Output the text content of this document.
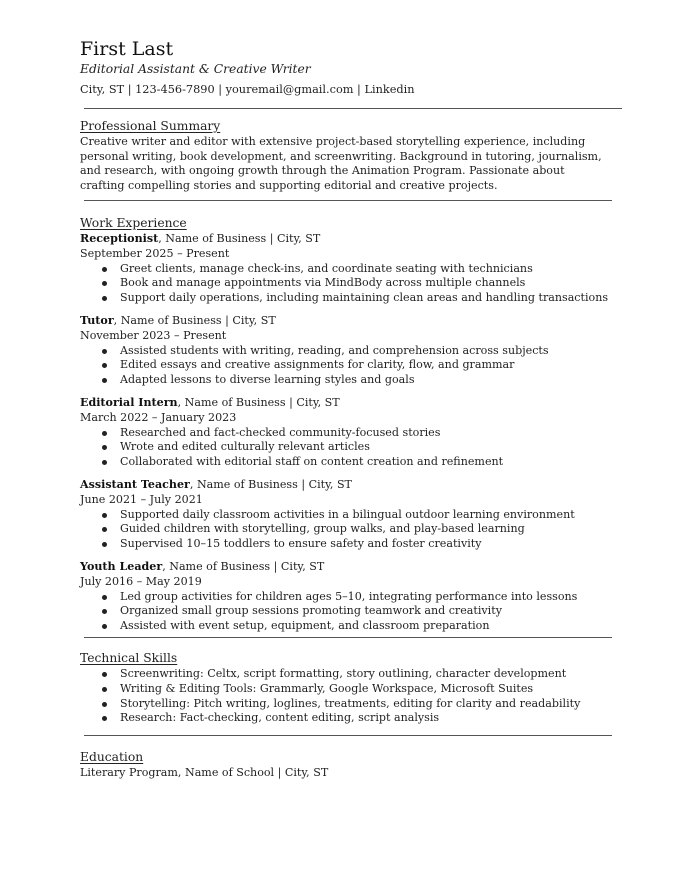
First Last
Editorial Assistant & Creative Writer
City, ST | 123-456-7890 | youremail@gmail.com | Linkedin
Professional Summary
Creative writer and editor with extensive project-based storytelling experience, including personal writing, book development, and screenwriting. Background in tutoring, journalism, and research, with ongoing growth through the Animation Program. Passionate about crafting compelling stories and supporting editorial and creative projects.
Work Experience
Receptionist, Name of Business | City, ST
September 2025 – Present
Greet clients, manage check-ins, and coordinate seating with technicians
Book and manage appointments via MindBody across multiple channels
Support daily operations, including maintaining clean areas and handling transactions
Tutor, Name of Business | City, ST
November 2023 – Present
Assisted students with writing, reading, and comprehension across subjects
Edited essays and creative assignments for clarity, flow, and grammar
Adapted lessons to diverse learning styles and goals
Editorial Intern, Name of Business | City, ST
March 2022 – January 2023
Researched and fact-checked community-focused stories
Wrote and edited culturally relevant articles
Collaborated with editorial staff on content creation and refinement
Assistant Teacher, Name of Business | City, ST
June 2021 – July 2021
Supported daily classroom activities in a bilingual outdoor learning environment
Guided children with storytelling, group walks, and play-based learning
Supervised 10–15 toddlers to ensure safety and foster creativity
Youth Leader, Name of Business | City, ST
July 2016 – May 2019
Led group activities for children ages 5–10, integrating performance into lessons
Organized small group sessions promoting teamwork and creativity
Assisted with event setup, equipment, and classroom preparation
Technical Skills
Screenwriting: Celtx, script formatting, story outlining, character development
Writing & Editing Tools: Grammarly, Google Workspace, Microsoft Suites
Storytelling: Pitch writing, loglines, treatments, editing for clarity and readability
Research: Fact-checking, content editing, script analysis
Education
Literary Program, Name of School | City, ST
